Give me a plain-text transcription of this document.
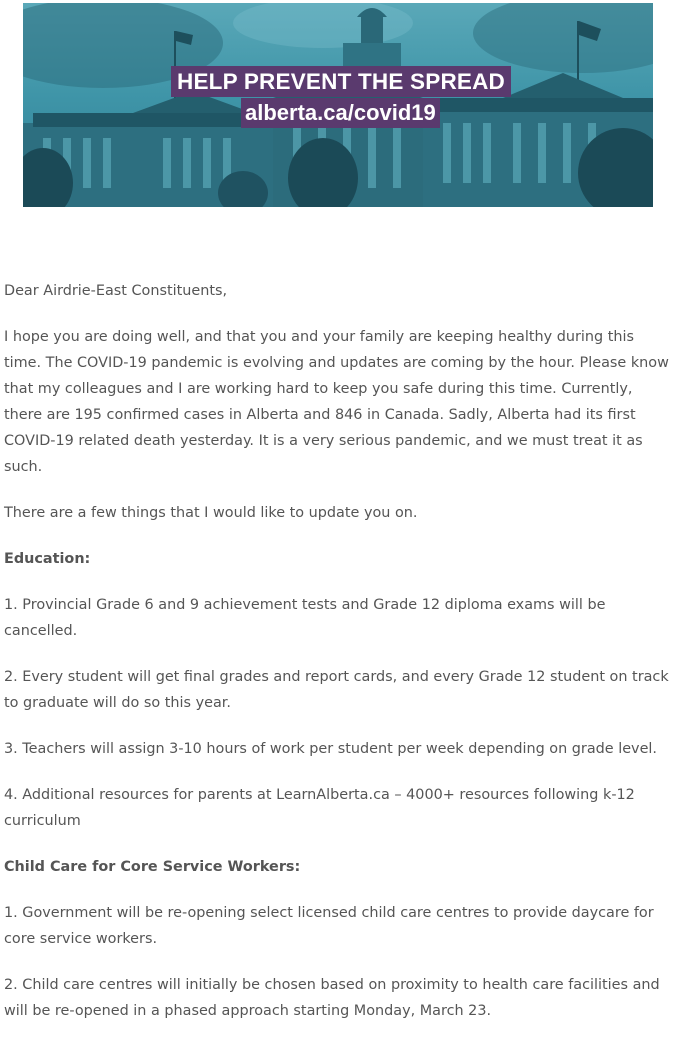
HELP PREVENT THE SPREAD
alberta.ca/covid19

Dear Airdrie-East Constituents,

I hope you are doing well, and that you and your family are keeping healthy during this time. The COVID-19 pandemic is evolving and updates are coming by the hour. Please know that my colleagues and I are working hard to keep you safe during this time. Currently, there are 195 confirmed cases in Alberta and 846 in Canada. Sadly, Alberta had its first COVID-19 related death yesterday. It is a very serious pandemic, and we must treat it as such.

There are a few things that I would like to update you on.

Education:

1. Provincial Grade 6 and 9 achievement tests and Grade 12 diploma exams will be cancelled.

2. Every student will get final grades and report cards, and every Grade 12 student on track to graduate will do so this year.

3. Teachers will assign 3-10 hours of work per student per week depending on grade level.

4. Additional resources for parents at LearnAlberta.ca – 4000+ resources following k-12 curriculum

Child Care for Core Service Workers:

1. Government will be re-opening select licensed child care centres to provide daycare for core service workers.

2. Child care centres will initially be chosen based on proximity to health care facilities and will be re-opened in a phased approach starting Monday, March 23.
